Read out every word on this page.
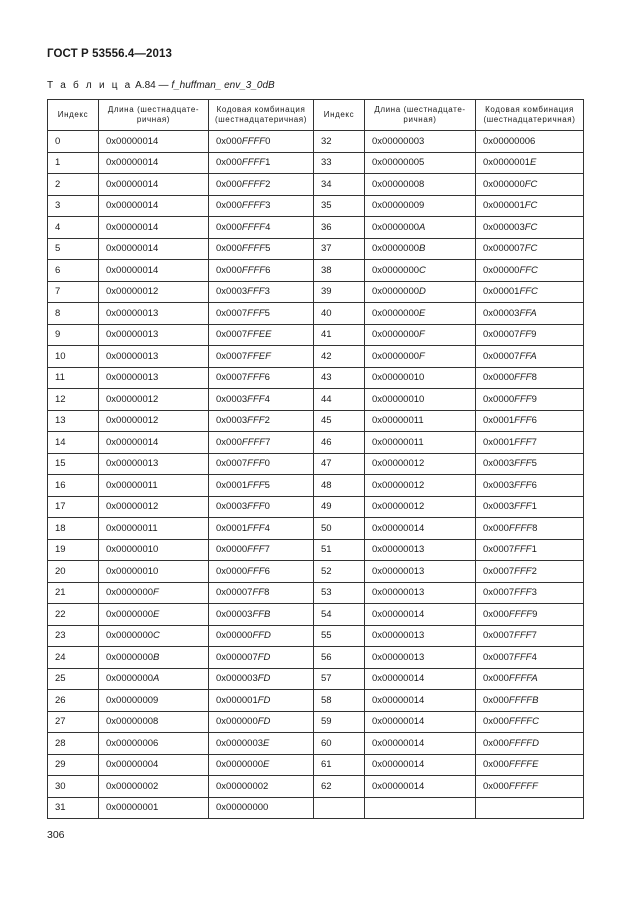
ГОСТ Р 53556.4—2013
Т а б л и ц а А.84 — f_huffman_ env_3_0dB
Индекс	Длина (шестнадцате-ричная)	Кодовая комбинация (шестнадцатеричная)	Индекс	Длина (шестнадцате-ричная)	Кодовая комбинация (шестнадцатеричная)
0	0x00000014	0x000FFFF0	32	0x00000003	0x00000006
1	0x00000014	0x000FFFF1	33	0x00000005	0x0000001E
2	0x00000014	0x000FFFF2	34	0x00000008	0x000000FC
3	0x00000014	0x000FFFF3	35	0x00000009	0x000001FC
4	0x00000014	0x000FFFF4	36	0x0000000A	0x000003FC
5	0x00000014	0x000FFFF5	37	0x0000000B	0x000007FC
6	0x00000014	0x000FFFF6	38	0x0000000C	0x00000FFC
7	0x00000012	0x0003FFF3	39	0x0000000D	0x00001FFC
8	0x00000013	0x0007FFF5	40	0x0000000E	0x00003FFA
9	0x00000013	0x0007FFEE	41	0x0000000F	0x00007FF9
10	0x00000013	0x0007FFEF	42	0x0000000F	0x00007FFA
11	0x00000013	0x0007FFF6	43	0x00000010	0x0000FFF8
12	0x00000012	0x0003FFF4	44	0x00000010	0x0000FFF9
13	0x00000012	0x0003FFF2	45	0x00000011	0x0001FFF6
14	0x00000014	0x000FFFF7	46	0x00000011	0x0001FFF7
15	0x00000013	0x0007FFF0	47	0x00000012	0x0003FFF5
16	0x00000011	0x0001FFF5	48	0x00000012	0x0003FFF6
17	0x00000012	0x0003FFF0	49	0x00000012	0x0003FFF1
18	0x00000011	0x0001FFF4	50	0x00000014	0x000FFFF8
19	0x00000010	0x0000FFF7	51	0x00000013	0x0007FFF1
20	0x00000010	0x0000FFF6	52	0x00000013	0x0007FFF2
21	0x0000000F	0x00007FF8	53	0x00000013	0x0007FFF3
22	0x0000000E	0x00003FFB	54	0x00000014	0x000FFFF9
23	0x0000000C	0x00000FFD	55	0x00000013	0x0007FFF7
24	0x0000000B	0x000007FD	56	0x00000013	0x0007FFF4
25	0x0000000A	0x000003FD	57	0x00000014	0x000FFFFA
26	0x00000009	0x000001FD	58	0x00000014	0x000FFFFB
27	0x00000008	0x000000FD	59	0x00000014	0x000FFFFC
28	0x00000006	0x0000003E	60	0x00000014	0x000FFFFD
29	0x00000004	0x0000000E	61	0x00000014	0x000FFFFE
30	0x00000002	0x00000002	62	0x00000014	0x000FFFFF
31	0x00000001	0x00000000			
306
